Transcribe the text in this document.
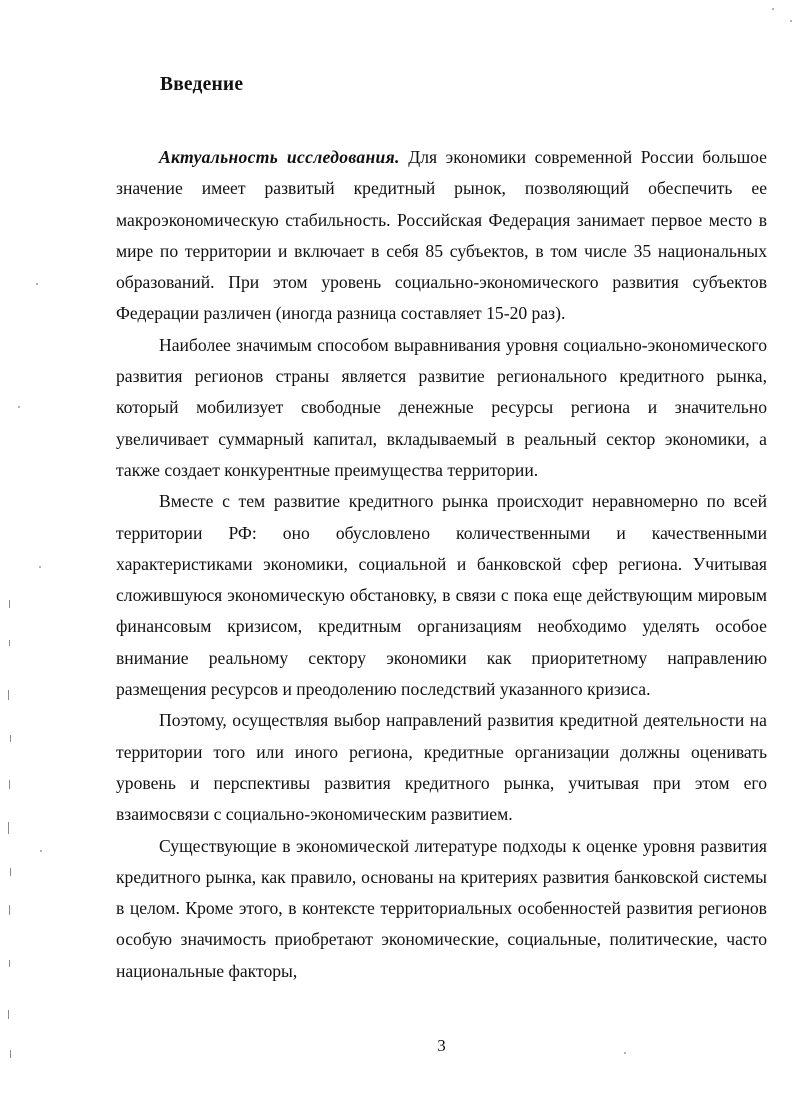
Введение

Актуальность исследования. Для экономики современной России большое значение имеет развитый кредитный рынок, позволяющий обеспечить ее макроэкономическую стабильность. Российская Федерация занимает первое место в мире по территории и включает в себя 85 субъектов, в том числе 35 национальных образований. При этом уровень социально-экономического развития субъектов Федерации различен (иногда разница составляет 15-20 раз).

Наиболее значимым способом выравнивания уровня социально-экономического развития регионов страны является развитие регионального кредитного рынка, который мобилизует свободные денежные ресурсы региона и значительно увеличивает суммарный капитал, вкладываемый в реальный сектор экономики, а также создает конкурентные преимущества территории.

Вместе с тем развитие кредитного рынка происходит неравномерно по всей территории РФ: оно обусловлено количественными и качественными характеристиками экономики, социальной и банковской сфер региона. Учитывая сложившуюся экономическую обстановку, в связи с пока еще действующим мировым финансовым кризисом, кредитным организациям необходимо уделять особое внимание реальному сектору экономики как приоритетному направлению размещения ресурсов и преодолению последствий указанного кризиса.

Поэтому, осуществляя выбор направлений развития кредитной деятельности на территории того или иного региона, кредитные организации должны оценивать уровень и перспективы развития кредитного рынка, учитывая при этом его взаимосвязи с социально-экономическим развитием.

Существующие в экономической литературе подходы к оценке уровня развития кредитного рынка, как правило, основаны на критериях развития банковской системы в целом. Кроме этого, в контексте территориальных особенностей развития регионов особую значимость приобретают экономические, социальные, политические, часто национальные факторы,

3
